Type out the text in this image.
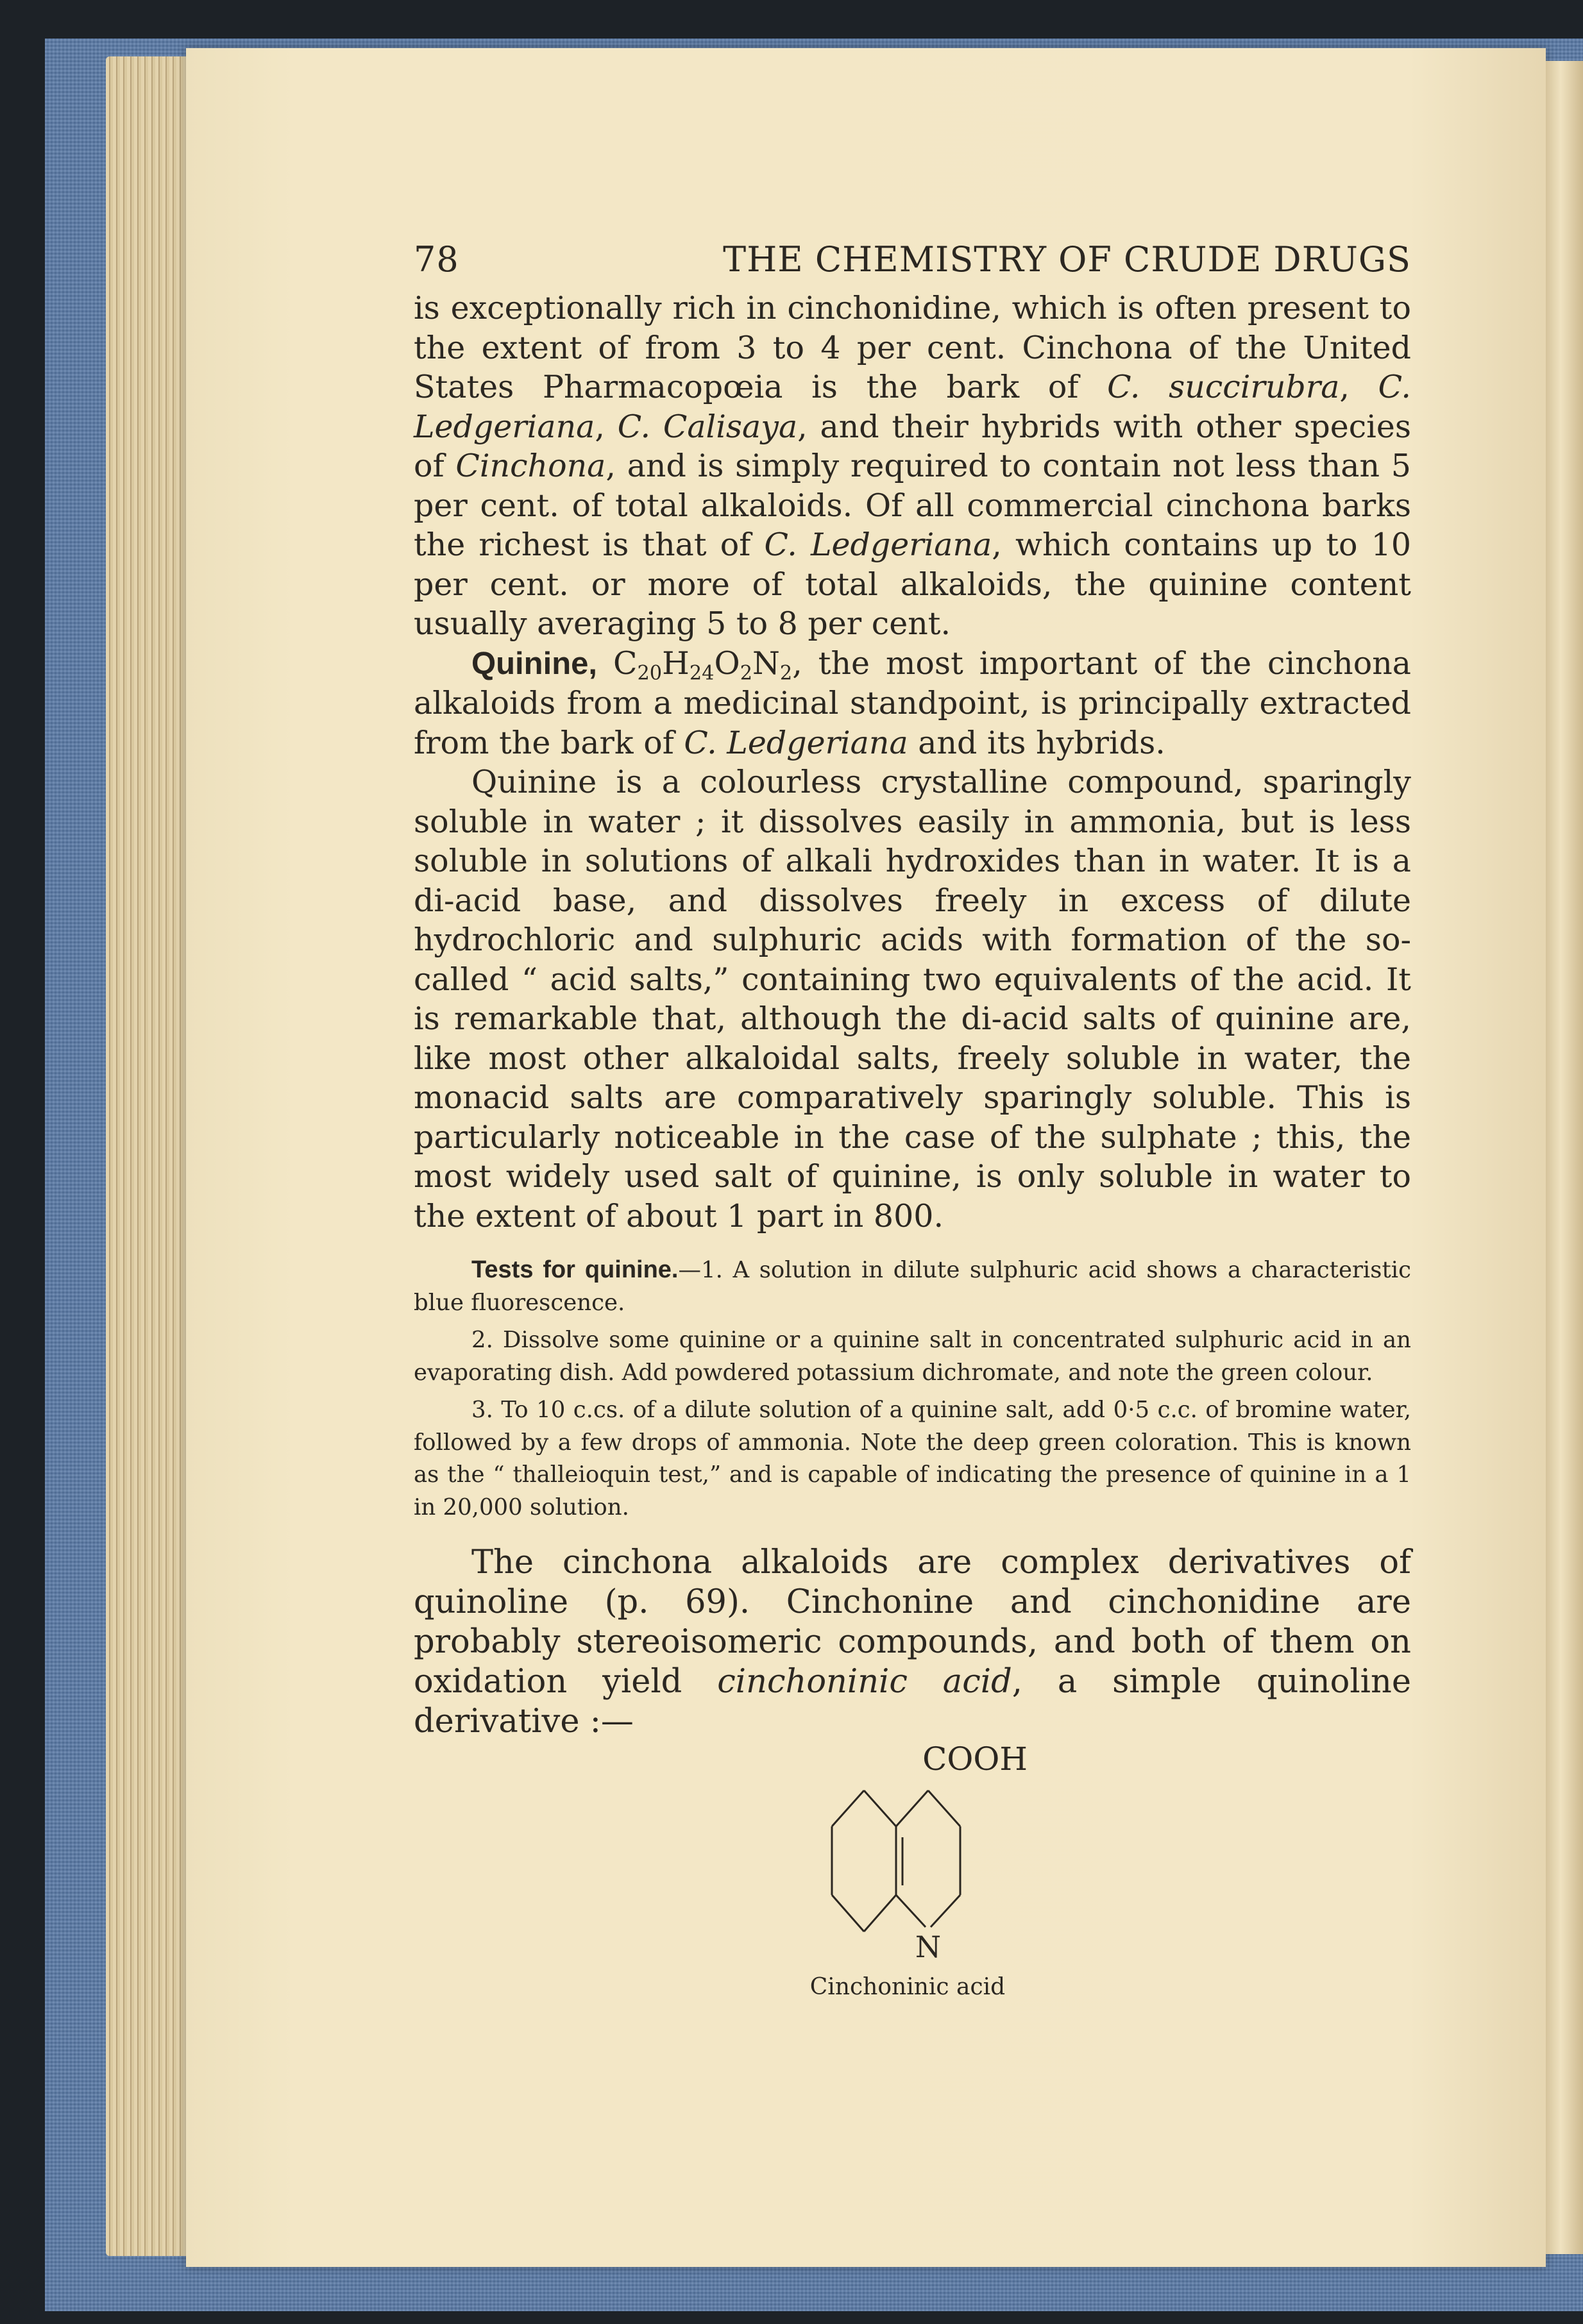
78	THE CHEMISTRY OF CRUDE DRUGS

is exceptionally rich in cinchonidine, which is often present to the extent of from 3 to 4 per cent. Cinchona of the United States Pharmacopœia is the bark of C. succirubra, C. Ledgeriana, C. Calisaya, and their hybrids with other species of Cinchona, and is simply required to contain not less than 5 per cent. of total alkaloids. Of all commercial cinchona barks the richest is that of C. Ledgeriana, which contains up to 10 per cent. or more of total alkaloids, the quinine content usually averaging 5 to 8 per cent.

Quinine, $C_{20}H_{24}O_2N_2$, the most important of the cinchona alkaloids from a medicinal standpoint, is principally extracted from the bark of C. Ledgeriana and its hybrids.

Quinine is a colourless crystalline compound, sparingly soluble in water ; it dissolves easily in ammonia, but is less soluble in solutions of alkali hydroxides than in water. It is a di-acid base, and dissolves freely in excess of dilute hydrochloric and sulphuric acids with formation of the so-called “ acid salts,” containing two equivalents of the acid. It is remarkable that, although the di-acid salts of quinine are, like most other alkaloidal salts, freely soluble in water, the monacid salts are comparatively sparingly soluble. This is particularly noticeable in the case of the sulphate ; this, the most widely used salt of quinine, is only soluble in water to the extent of about 1 part in 800.

Tests for quinine.—1. A solution in dilute sulphuric acid shows a characteristic blue fluorescence.

2. Dissolve some quinine or a quinine salt in concentrated sulphuric acid in an evaporating dish. Add powdered potassium dichromate, and note the green colour.

3. To 10 c.cs. of a dilute solution of a quinine salt, add 0·5 c.c. of bromine water, followed by a few drops of ammonia. Note the deep green coloration. This is known as the “ thalleioquin test,” and is capable of indicating the presence of quinine in a 1 in 20,000 solution.

The cinchona alkaloids are complex derivatives of quinoline (p. 69). Cinchonine and cinchonidine are probably stereoisomeric compounds, and both of them on oxidation yield cinchoninic acid, a simple quinoline derivative :—

COOH
N
Cinchoninic acid
